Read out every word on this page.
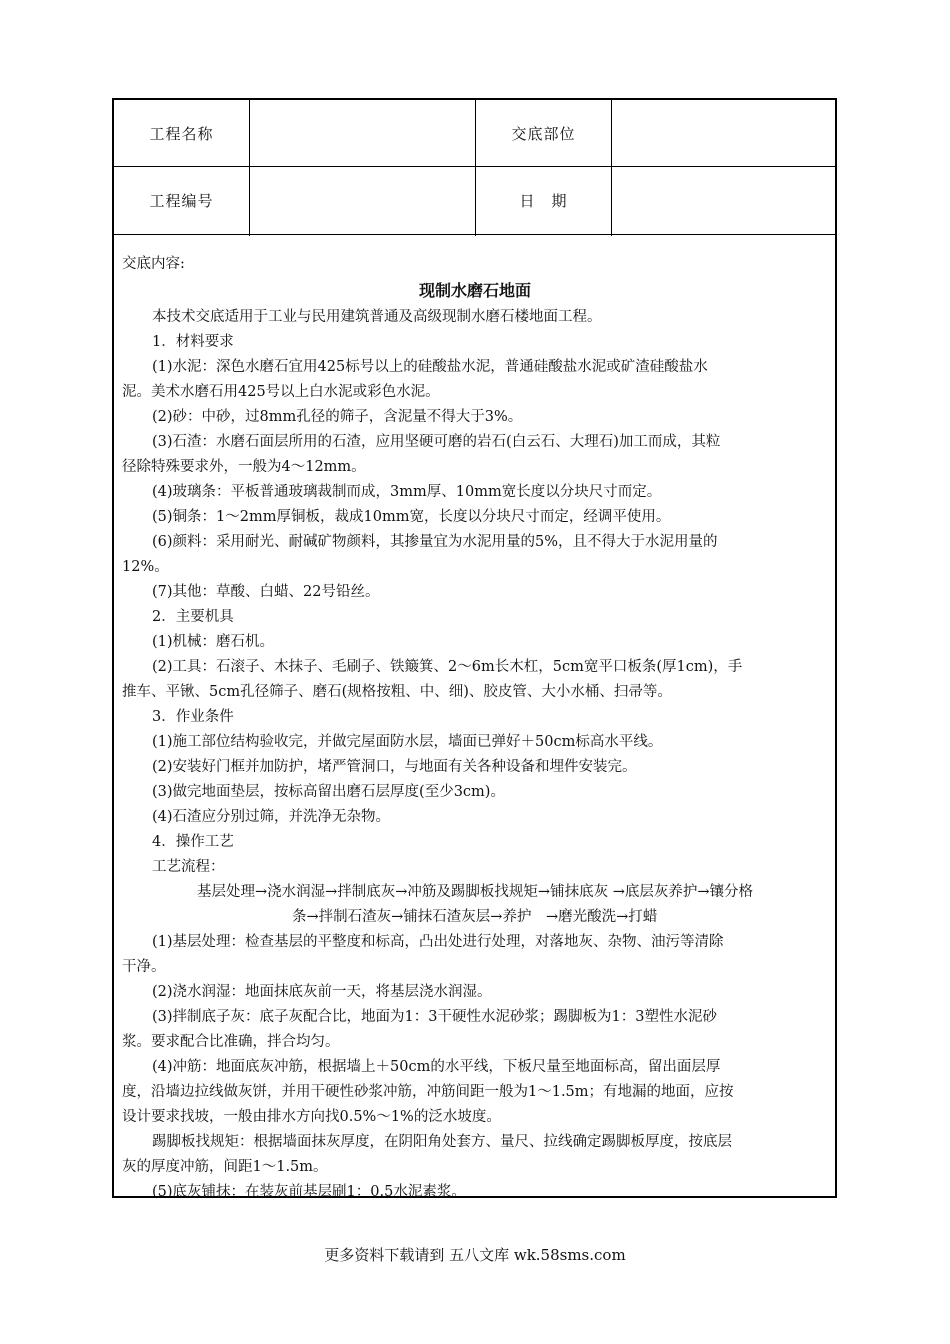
工程名称	交底部位
工程编号	日　期

交底内容:

现制水磨石地面

本技术交底适用于工业与民用建筑普通及高级现制水磨石楼地面工程。

1．材料要求

(1)水泥：深色水磨石宜用425标号以上的硅酸盐水泥，普通硅酸盐水泥或矿渣硅酸盐水

泥。美术水磨石用425号以上白水泥或彩色水泥。

(2)砂：中砂，过8mm孔径的筛子，含泥量不得大于3%。

(3)石渣：水磨石面层所用的石渣，应用坚硬可磨的岩石(白云石、大理石)加工而成，其粒

径除特殊要求外，一般为4～12mm。

(4)玻璃条：平板普通玻璃裁制而成，3mm厚、10mm宽长度以分块尺寸而定。

(5)铜条：1～2mm厚铜板，裁成10mm宽，长度以分块尺寸而定，经调平使用。

(6)颜料：采用耐光、耐碱矿物颜料，其掺量宜为水泥用量的5%，且不得大于水泥用量的

12%。

(7)其他：草酸、白蜡、22号铅丝。

2．主要机具

(1)机械：磨石机。

(2)工具：石滚子、木抹子、毛刷子、铁簸箕、2～6m长木杠，5cm宽平口板条(厚1cm)，手

推车、平锹、5cm孔径筛子、磨石(规格按粗、中、细)、胶皮管、大小水桶、扫帚等。

3．作业条件

(1)施工部位结构验收完，并做完屋面防水层，墙面已弹好＋50cm标高水平线。

(2)安装好门框并加防护，堵严管洞口，与地面有关各种设备和埋件安装完。

(3)做完地面垫层，按标高留出磨石层厚度(至少3cm)。

(4)石渣应分别过筛，并洗净无杂物。

4．操作工艺

工艺流程：

基层处理→浇水润湿→拌制底灰→冲筋及踢脚板找规矩→铺抹底灰 →底层灰养护→镶分格

条→拌制石渣灰→铺抹石渣灰层→养护　→磨光酸洗→打蜡

(1)基层处理：检查基层的平整度和标高，凸出处进行处理，对落地灰、杂物、油污等清除

干净。

(2)浇水润湿：地面抹底灰前一天，将基层浇水润湿。

(3)拌制底子灰：底子灰配合比，地面为1：3干硬性水泥砂浆；踢脚板为1：3塑性水泥砂

浆。要求配合比准确，拌合均匀。

(4)冲筋：地面底灰冲筋，根据墙上＋50cm的水平线，下板尺量至地面标高，留出面层厚

度，沿墙边拉线做灰饼，并用干硬性砂浆冲筋，冲筋间距一般为1～1.5m；有地漏的地面，应按

设计要求找坡，一般由排水方向找0.5%～1%的泛水坡度。

踢脚板找规矩：根据墙面抹灰厚度，在阴阳角处套方、量尺、拉线确定踢脚板厚度，按底层

灰的厚度冲筋，间距1～1.5m。

(5)底灰铺抹：在装灰前基层刷1：0.5水泥素浆。

更多资料下载请到 五八文库 wk.58sms.com
